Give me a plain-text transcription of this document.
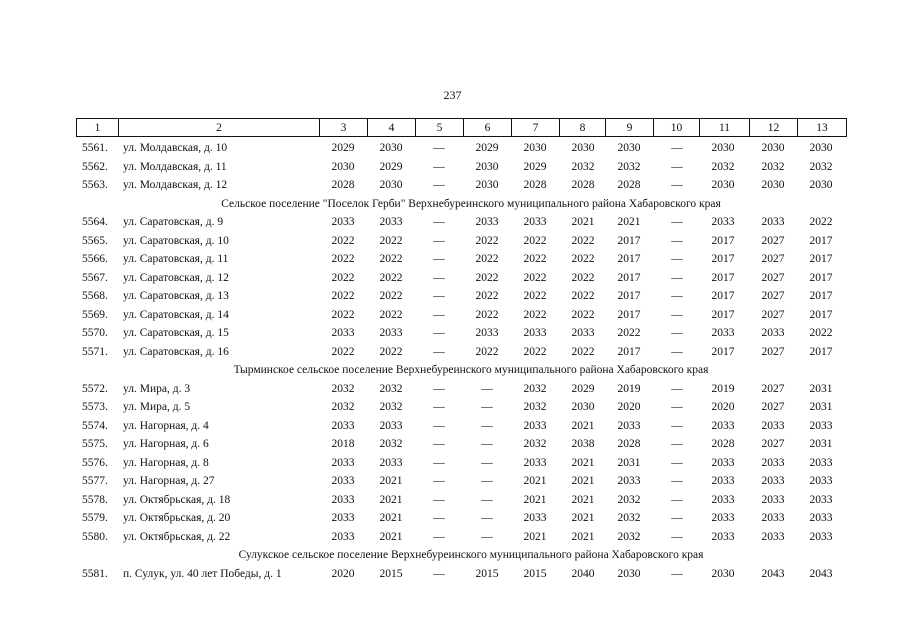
237
1	2	3	4	5	6	7	8	9	10	11	12	13
5561. ул. Молдавская, д. 10	2029	2030	—	2029	2030	2030	2030	—	2030	2030	2030
5562. ул. Молдавская, д. 11	2030	2029	—	2030	2029	2032	2032	—	2032	2032	2032
5563. ул. Молдавская, д. 12	2028	2030	—	2030	2028	2028	2028	—	2030	2030	2030
Сельское поселение "Поселок Герби" Верхнебуреинского муниципального района Хабаровского края
5564. ул. Саратовская, д. 9	2033	2033	—	2033	2033	2021	2021	—	2033	2033	2022
5565. ул. Саратовская, д. 10	2022	2022	—	2022	2022	2022	2017	—	2017	2027	2017
5566. ул. Саратовская, д. 11	2022	2022	—	2022	2022	2022	2017	—	2017	2027	2017
5567. ул. Саратовская, д. 12	2022	2022	—	2022	2022	2022	2017	—	2017	2027	2017
5568. ул. Саратовская, д. 13	2022	2022	—	2022	2022	2022	2017	—	2017	2027	2017
5569. ул. Саратовская, д. 14	2022	2022	—	2022	2022	2022	2017	—	2017	2027	2017
5570. ул. Саратовская, д. 15	2033	2033	—	2033	2033	2033	2022	—	2033	2033	2022
5571. ул. Саратовская, д. 16	2022	2022	—	2022	2022	2022	2017	—	2017	2027	2017
Тырминское сельское поселение Верхнебуреинского муниципального района Хабаровского края
5572. ул. Мира, д. 3	2032	2032	—	—	2032	2029	2019	—	2019	2027	2031
5573. ул. Мира, д. 5	2032	2032	—	—	2032	2030	2020	—	2020	2027	2031
5574. ул. Нагорная, д. 4	2033	2033	—	—	2033	2021	2033	—	2033	2033	2033
5575. ул. Нагорная, д. 6	2018	2032	—	—	2032	2038	2028	—	2028	2027	2031
5576. ул. Нагорная, д. 8	2033	2033	—	—	2033	2021	2031	—	2033	2033	2033
5577. ул. Нагорная, д. 27	2033	2021	—	—	2021	2021	2033	—	2033	2033	2033
5578. ул. Октябрьская, д. 18	2033	2021	—	—	2021	2021	2032	—	2033	2033	2033
5579. ул. Октябрьская, д. 20	2033	2021	—	—	2033	2021	2032	—	2033	2033	2033
5580. ул. Октябрьская, д. 22	2033	2021	—	—	2021	2021	2032	—	2033	2033	2033
Сулукское сельское поселение Верхнебуреинского муниципального района Хабаровского края
5581. п. Сулук, ул. 40 лет Победы, д. 1	2020	2015	—	2015	2015	2040	2030	—	2030	2043	2043
